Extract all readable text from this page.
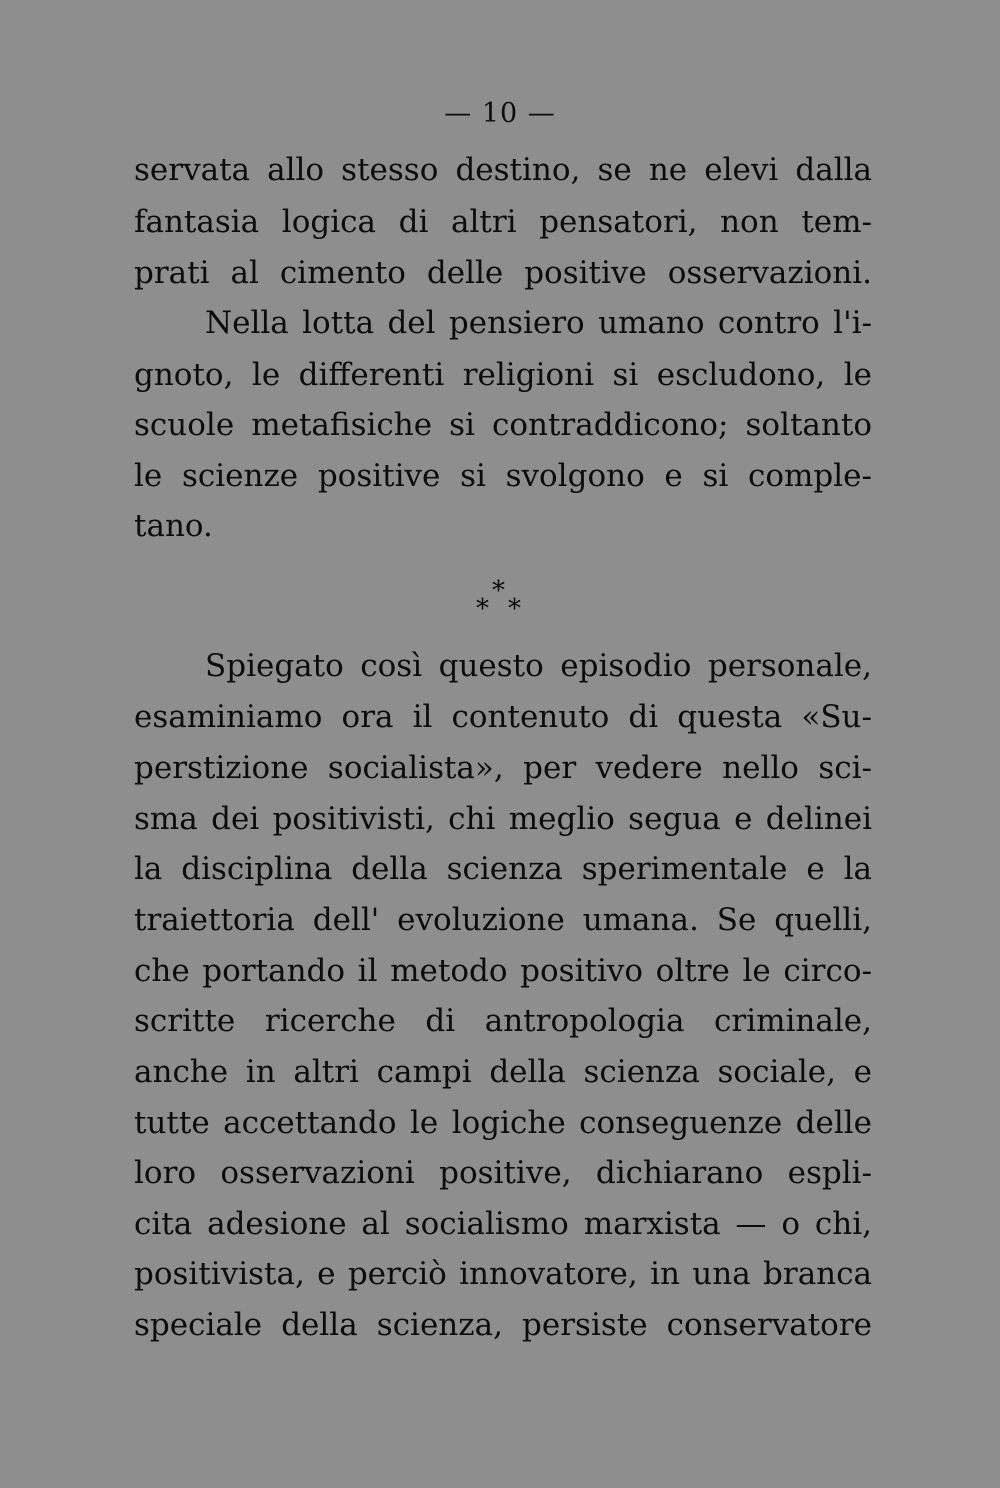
— 10 —
servata allo stesso destino, se ne elevi dalla
fantasia logica di altri pensatori, non tem-
prati al cimento delle positive osservazioni.
Nella lotta del pensiero umano contro l'i-
gnoto, le differenti religioni si escludono, le
scuole metafisiche si contraddicono; soltanto
le scienze positive si svolgono e si comple-
tano.
*
* *
Spiegato così questo episodio personale,
esaminiamo ora il contenuto di questa «Su-
perstizione socialista», per vedere nello sci-
sma dei positivisti, chi meglio segua e delinei
la disciplina della scienza sperimentale e la
traiettoria dell' evoluzione umana. Se quelli,
che portando il metodo positivo oltre le circo-
scritte ricerche di antropologia criminale,
anche in altri campi della scienza sociale, e
tutte accettando le logiche conseguenze delle
loro osservazioni positive, dichiarano espli-
cita adesione al socialismo marxista — o chi,
positivista, e perciò innovatore, in una branca
speciale della scienza, persiste conservatore
